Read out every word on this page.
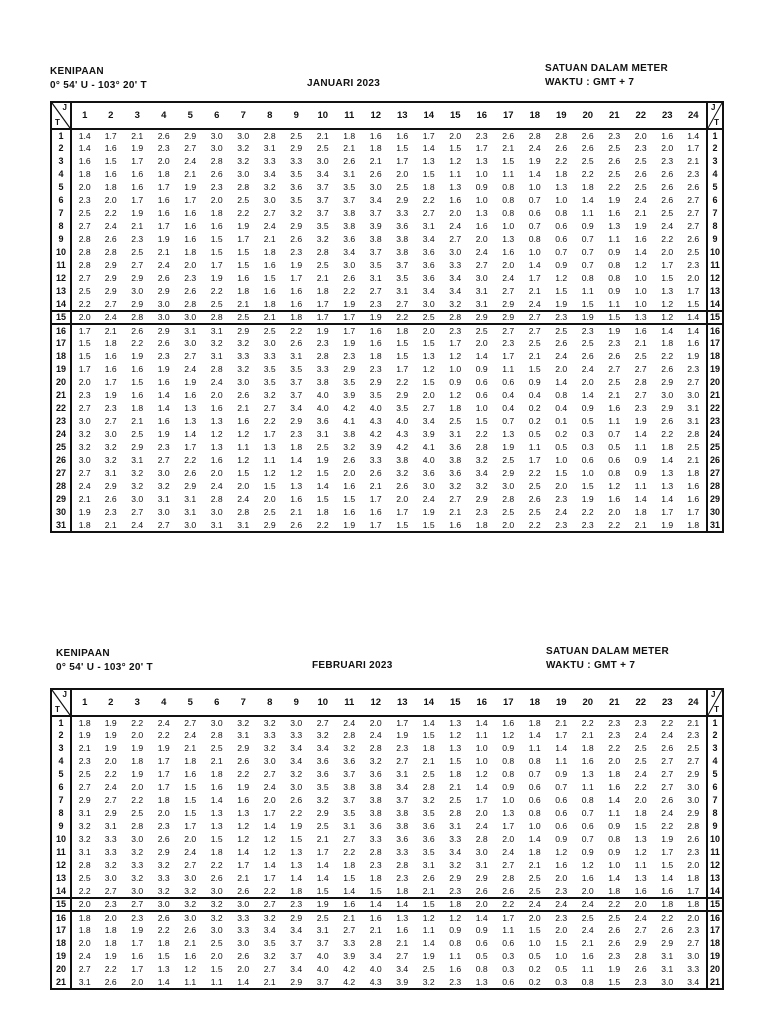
KENIPAAN
0° 54' U - 103° 20' T	JANUARI 2023
SATUAN DALAM METER
WAKTU : GMT + 7
J
T	1	2	3	4	5	6	7	8	9	10	11	12	13	14	15	16	17	18	19	20	21	22	23	24	J
T

1	1.4	1.7	2.1	2.6	2.9	3.0	3.0	2.8	2.5	2.1	1.8	1.6	1.6	1.7	2.0	2.3	2.6	2.8	2.8	2.6	2.3	2.0	1.6	1.4	1
2	1.4	1.6	1.9	2.3	2.7	3.0	3.2	3.1	2.9	2.5	2.1	1.8	1.5	1.4	1.5	1.7	2.1	2.4	2.6	2.6	2.5	2.3	2.0	1.7	2
3	1.6	1.5	1.7	2.0	2.4	2.8	3.2	3.3	3.3	3.0	2.6	2.1	1.7	1.3	1.2	1.3	1.5	1.9	2.2	2.5	2.6	2.5	2.3	2.1	3
4	1.8	1.6	1.6	1.8	2.1	2.6	3.0	3.4	3.5	3.4	3.1	2.6	2.0	1.5	1.1	1.0	1.1	1.4	1.8	2.2	2.5	2.6	2.6	2.3	4
5	2.0	1.8	1.6	1.7	1.9	2.3	2.8	3.2	3.6	3.7	3.5	3.0	2.5	1.8	1.3	0.9	0.8	1.0	1.3	1.8	2.2	2.5	2.6	2.6	5
6	2.3	2.0	1.7	1.6	1.7	2.0	2.5	3.0	3.5	3.7	3.7	3.4	2.9	2.2	1.6	1.0	0.8	0.7	1.0	1.4	1.9	2.4	2.6	2.7	6
7	2.5	2.2	1.9	1.6	1.6	1.8	2.2	2.7	3.2	3.7	3.8	3.7	3.3	2.7	2.0	1.3	0.8	0.6	0.8	1.1	1.6	2.1	2.5	2.7	7
8	2.7	2.4	2.1	1.7	1.6	1.6	1.9	2.4	2.9	3.5	3.8	3.9	3.6	3.1	2.4	1.6	1.0	0.7	0.6	0.9	1.3	1.9	2.4	2.7	8
9	2.8	2.6	2.3	1.9	1.6	1.5	1.7	2.1	2.6	3.2	3.6	3.8	3.8	3.4	2.7	2.0	1.3	0.8	0.6	0.7	1.1	1.6	2.2	2.6	9
10	2.8	2.8	2.5	2.1	1.8	1.5	1.5	1.8	2.3	2.8	3.4	3.7	3.8	3.6	3.0	2.4	1.6	1.0	0.7	0.7	0.9	1.4	2.0	2.5	10
11	2.8	2.9	2.7	2.4	2.0	1.7	1.5	1.6	1.9	2.5	3.0	3.5	3.7	3.6	3.3	2.7	2.0	1.4	0.9	0.7	0.8	1.2	1.7	2.3	11
12	2.7	2.9	2.9	2.6	2.3	1.9	1.6	1.5	1.7	2.1	2.6	3.1	3.5	3.6	3.4	3.0	2.4	1.7	1.2	0.8	0.8	1.0	1.5	2.0	12
13	2.5	2.9	3.0	2.9	2.6	2.2	1.8	1.6	1.6	1.8	2.2	2.7	3.1	3.4	3.4	3.1	2.7	2.1	1.5	1.1	0.9	1.0	1.3	1.7	13
14	2.2	2.7	2.9	3.0	2.8	2.5	2.1	1.8	1.6	1.7	1.9	2.3	2.7	3.0	3.2	3.1	2.9	2.4	1.9	1.5	1.1	1.0	1.2	1.5	14
15	2.0	2.4	2.8	3.0	3.0	2.8	2.5	2.1	1.8	1.7	1.7	1.9	2.2	2.5	2.8	2.9	2.9	2.7	2.3	1.9	1.5	1.3	1.2	1.4	15
16	1.7	2.1	2.6	2.9	3.1	3.1	2.9	2.5	2.2	1.9	1.7	1.6	1.8	2.0	2.3	2.5	2.7	2.7	2.5	2.3	1.9	1.6	1.4	1.4	16
17	1.5	1.8	2.2	2.6	3.0	3.2	3.2	3.0	2.6	2.3	1.9	1.6	1.5	1.5	1.7	2.0	2.3	2.5	2.6	2.5	2.3	2.1	1.8	1.6	17
18	1.5	1.6	1.9	2.3	2.7	3.1	3.3	3.3	3.1	2.8	2.3	1.8	1.5	1.3	1.2	1.4	1.7	2.1	2.4	2.6	2.6	2.5	2.2	1.9	18
19	1.7	1.6	1.6	1.9	2.4	2.8	3.2	3.5	3.5	3.3	2.9	2.3	1.7	1.2	1.0	0.9	1.1	1.5	2.0	2.4	2.7	2.7	2.6	2.3	19
20	2.0	1.7	1.5	1.6	1.9	2.4	3.0	3.5	3.7	3.8	3.5	2.9	2.2	1.5	0.9	0.6	0.6	0.9	1.4	2.0	2.5	2.8	2.9	2.7	20
21	2.3	1.9	1.6	1.4	1.6	2.0	2.6	3.2	3.7	4.0	3.9	3.5	2.9	2.0	1.2	0.6	0.4	0.4	0.8	1.4	2.1	2.7	3.0	3.0	21
22	2.7	2.3	1.8	1.4	1.3	1.6	2.1	2.7	3.4	4.0	4.2	4.0	3.5	2.7	1.8	1.0	0.4	0.2	0.4	0.9	1.6	2.3	2.9	3.1	22
23	3.0	2.7	2.1	1.6	1.3	1.3	1.6	2.2	2.9	3.6	4.1	4.3	4.0	3.4	2.5	1.5	0.7	0.2	0.1	0.5	1.1	1.9	2.6	3.1	23
24	3.2	3.0	2.5	1.9	1.4	1.2	1.2	1.7	2.3	3.1	3.8	4.2	4.3	3.9	3.1	2.2	1.3	0.5	0.2	0.3	0.7	1.4	2.2	2.8	24
25	3.2	3.2	2.9	2.3	1.7	1.3	1.1	1.3	1.8	2.5	3.2	3.9	4.2	4.1	3.6	2.8	1.9	1.1	0.5	0.3	0.5	1.1	1.8	2.5	25
26	3.0	3.2	3.1	2.7	2.2	1.6	1.2	1.1	1.4	1.9	2.6	3.3	3.8	4.0	3.8	3.2	2.5	1.7	1.0	0.6	0.6	0.9	1.4	2.1	26
27	2.7	3.1	3.2	3.0	2.6	2.0	1.5	1.2	1.2	1.5	2.0	2.6	3.2	3.6	3.6	3.4	2.9	2.2	1.5	1.0	0.8	0.9	1.3	1.8	27
28	2.4	2.9	3.2	3.2	2.9	2.4	2.0	1.5	1.3	1.4	1.6	2.1	2.6	3.0	3.2	3.2	3.0	2.5	2.0	1.5	1.2	1.1	1.3	1.6	28
29	2.1	2.6	3.0	3.1	3.1	2.8	2.4	2.0	1.6	1.5	1.5	1.7	2.0	2.4	2.7	2.9	2.8	2.6	2.3	1.9	1.6	1.4	1.4	1.6	29
30	1.9	2.3	2.7	3.0	3.1	3.0	2.8	2.5	2.1	1.8	1.6	1.6	1.7	1.9	2.1	2.3	2.5	2.5	2.4	2.2	2.0	1.8	1.7	1.7	30
31	1.8	2.1	2.4	2.7	3.0	3.1	3.1	2.9	2.6	2.2	1.9	1.7	1.5	1.5	1.6	1.8	2.0	2.2	2.3	2.3	2.2	2.1	1.9	1.8	31
KENIPAAN
0° 54' U - 103° 20' T	FEBRUARI 2023
SATUAN DALAM METER
WAKTU : GMT + 7
J
T	1	2	3	4	5	6	7	8	9	10	11	12	13	14	15	16	17	18	19	20	21	22	23	24	J
T

1	1.8	1.9	2.2	2.4	2.7	3.0	3.2	3.2	3.0	2.7	2.4	2.0	1.7	1.4	1.3	1.4	1.6	1.8	2.1	2.2	2.3	2.3	2.2	2.1	1
2	1.9	1.9	2.0	2.2	2.4	2.8	3.1	3.3	3.3	3.2	2.8	2.4	1.9	1.5	1.2	1.1	1.2	1.4	1.7	2.1	2.3	2.4	2.4	2.3	2
3	2.1	1.9	1.9	1.9	2.1	2.5	2.9	3.2	3.4	3.4	3.2	2.8	2.3	1.8	1.3	1.0	0.9	1.1	1.4	1.8	2.2	2.5	2.6	2.5	3
4	2.3	2.0	1.8	1.7	1.8	2.1	2.6	3.0	3.4	3.6	3.6	3.2	2.7	2.1	1.5	1.0	0.8	0.8	1.1	1.6	2.0	2.5	2.7	2.7	4
5	2.5	2.2	1.9	1.7	1.6	1.8	2.2	2.7	3.2	3.6	3.7	3.6	3.1	2.5	1.8	1.2	0.8	0.7	0.9	1.3	1.8	2.4	2.7	2.9	5
6	2.7	2.4	2.0	1.7	1.5	1.6	1.9	2.4	3.0	3.5	3.8	3.8	3.4	2.8	2.1	1.4	0.9	0.6	0.7	1.1	1.6	2.2	2.7	3.0	6
7	2.9	2.7	2.2	1.8	1.5	1.4	1.6	2.0	2.6	3.2	3.7	3.8	3.7	3.2	2.5	1.7	1.0	0.6	0.6	0.8	1.4	2.0	2.6	3.0	7
8	3.1	2.9	2.5	2.0	1.5	1.3	1.3	1.7	2.2	2.9	3.5	3.8	3.8	3.5	2.8	2.0	1.3	0.8	0.6	0.7	1.1	1.8	2.4	2.9	8
9	3.2	3.1	2.8	2.3	1.7	1.3	1.2	1.4	1.9	2.5	3.1	3.6	3.8	3.6	3.1	2.4	1.7	1.0	0.6	0.6	0.9	1.5	2.2	2.8	9
10	3.2	3.3	3.0	2.6	2.0	1.5	1.2	1.2	1.5	2.1	2.7	3.3	3.6	3.6	3.3	2.8	2.0	1.4	0.9	0.7	0.8	1.3	1.9	2.6	10
11	3.1	3.3	3.2	2.9	2.4	1.8	1.4	1.2	1.3	1.7	2.2	2.8	3.3	3.5	3.4	3.0	2.4	1.8	1.2	0.9	0.9	1.2	1.7	2.3	11
12	2.8	3.2	3.3	3.2	2.7	2.2	1.7	1.4	1.3	1.4	1.8	2.3	2.8	3.1	3.2	3.1	2.7	2.1	1.6	1.2	1.0	1.1	1.5	2.0	12
13	2.5	3.0	3.2	3.3	3.0	2.6	2.1	1.7	1.4	1.4	1.5	1.8	2.3	2.6	2.9	2.9	2.8	2.5	2.0	1.6	1.4	1.3	1.4	1.8	13
14	2.2	2.7	3.0	3.2	3.2	3.0	2.6	2.2	1.8	1.5	1.4	1.5	1.8	2.1	2.3	2.6	2.6	2.5	2.3	2.0	1.8	1.6	1.6	1.7	14
15	2.0	2.3	2.7	3.0	3.2	3.2	3.0	2.7	2.3	1.9	1.6	1.4	1.4	1.5	1.8	2.0	2.2	2.4	2.4	2.4	2.2	2.0	1.8	1.8	15
16	1.8	2.0	2.3	2.6	3.0	3.2	3.3	3.2	2.9	2.5	2.1	1.6	1.3	1.2	1.2	1.4	1.7	2.0	2.3	2.5	2.5	2.4	2.2	2.0	16
17	1.8	1.8	1.9	2.2	2.6	3.0	3.3	3.4	3.4	3.1	2.7	2.1	1.6	1.1	0.9	0.9	1.1	1.5	2.0	2.4	2.6	2.7	2.6	2.3	17
18	2.0	1.8	1.7	1.8	2.1	2.5	3.0	3.5	3.7	3.7	3.3	2.8	2.1	1.4	0.8	0.6	0.6	1.0	1.5	2.1	2.6	2.9	2.9	2.7	18
19	2.4	1.9	1.6	1.5	1.6	2.0	2.6	3.2	3.7	4.0	3.9	3.4	2.7	1.9	1.1	0.5	0.3	0.5	1.0	1.6	2.3	2.8	3.1	3.0	19
20	2.7	2.2	1.7	1.3	1.2	1.5	2.0	2.7	3.4	4.0	4.2	4.0	3.4	2.5	1.6	0.8	0.3	0.2	0.5	1.1	1.9	2.6	3.1	3.3	20
21	3.1	2.6	2.0	1.4	1.1	1.1	1.4	2.1	2.9	3.7	4.2	4.3	3.9	3.2	2.3	1.3	0.6	0.2	0.3	0.8	1.5	2.3	3.0	3.4	21
